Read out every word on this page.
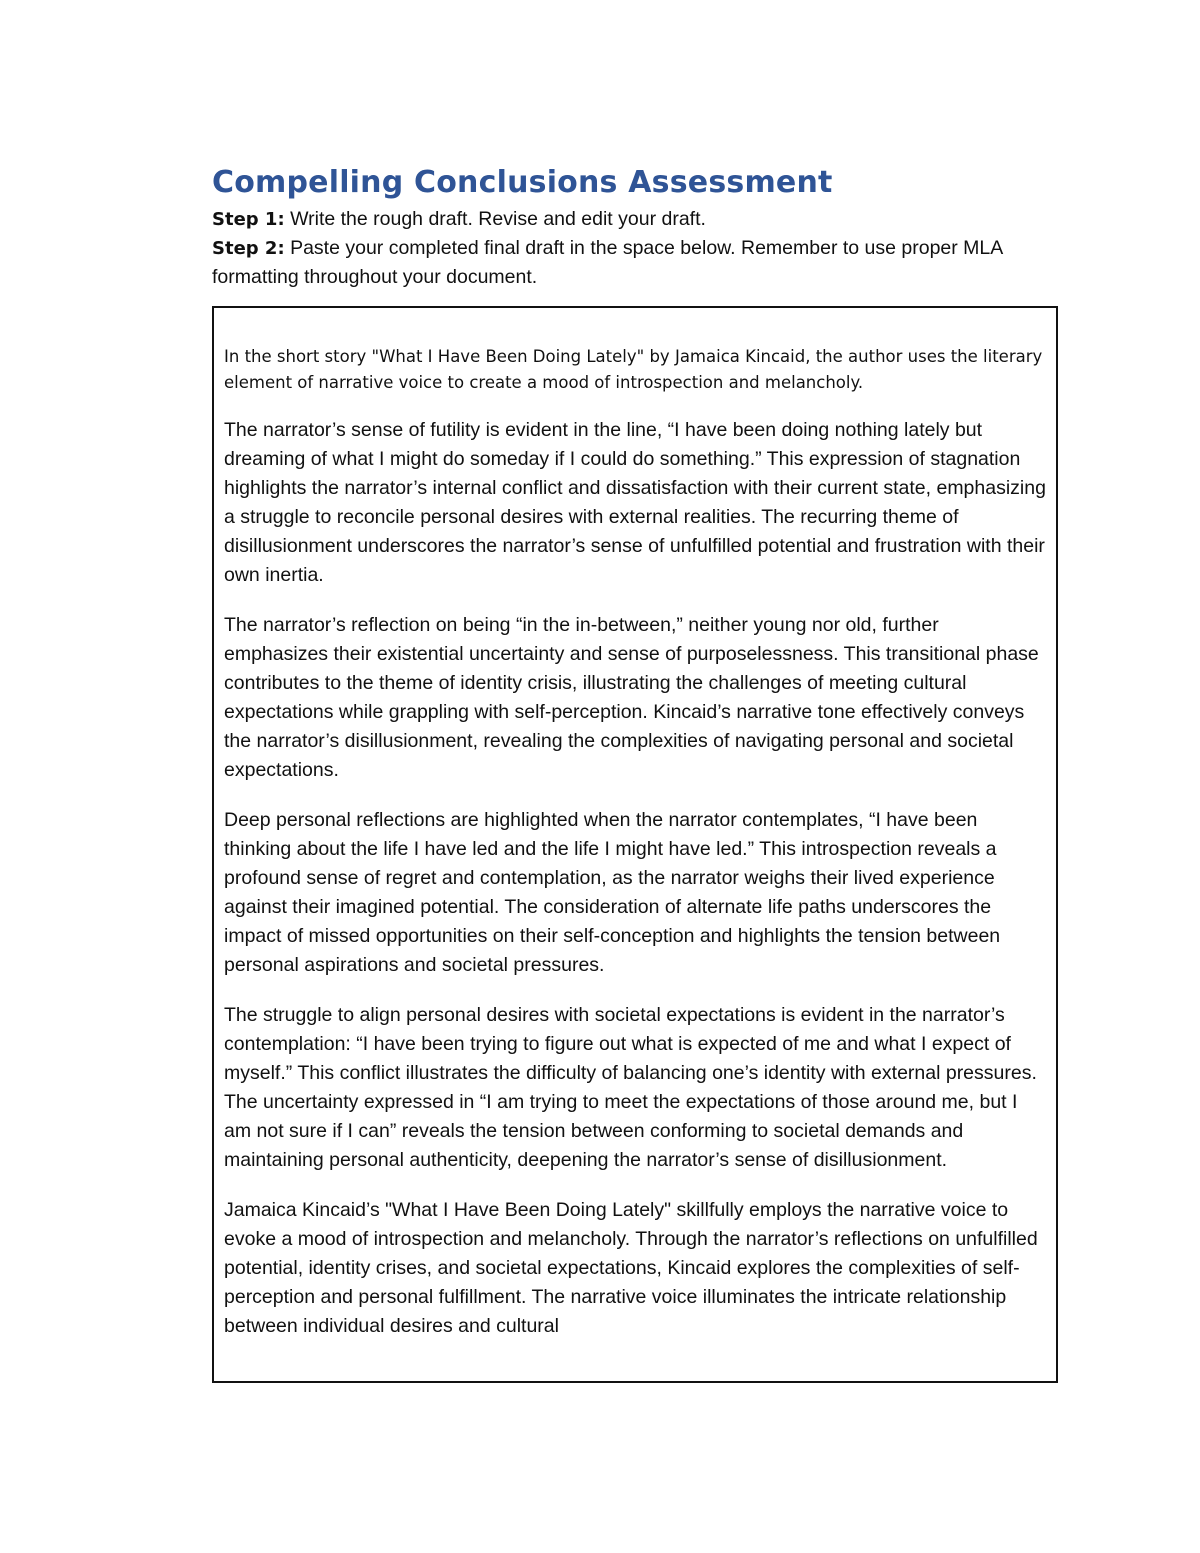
Compelling Conclusions Assessment

Step 1: Write the rough draft. Revise and edit your draft.

Step 2: Paste your completed final draft in the space below. Remember to use proper MLA formatting throughout your document.

In the short story "What I Have Been Doing Lately" by Jamaica Kincaid, the author uses the literary element of narrative voice to create a mood of introspection and melancholy.

The narrator’s sense of futility is evident in the line, “I have been doing nothing lately but dreaming of what I might do someday if I could do something.” This expression of stagnation highlights the narrator’s internal conflict and dissatisfaction with their current state, emphasizing a struggle to reconcile personal desires with external realities. The recurring theme of disillusionment underscores the narrator’s sense of unfulfilled potential and frustration with their own inertia.

The narrator’s reflection on being “in the in-between,” neither young nor old, further emphasizes their existential uncertainty and sense of purposelessness. This transitional phase contributes to the theme of identity crisis, illustrating the challenges of meeting cultural expectations while grappling with self-perception. Kincaid’s narrative tone effectively conveys the narrator’s disillusionment, revealing the complexities of navigating personal and societal expectations.

Deep personal reflections are highlighted when the narrator contemplates, “I have been thinking about the life I have led and the life I might have led.” This introspection reveals a profound sense of regret and contemplation, as the narrator weighs their lived experience against their imagined potential. The consideration of alternate life paths underscores the impact of missed opportunities on their self-conception and highlights the tension between personal aspirations and societal pressures.

The struggle to align personal desires with societal expectations is evident in the narrator’s contemplation: “I have been trying to figure out what is expected of me and what I expect of myself.” This conflict illustrates the difficulty of balancing one’s identity with external pressures. The uncertainty expressed in “I am trying to meet the expectations of those around me, but I am not sure if I can” reveals the tension between conforming to societal demands and maintaining personal authenticity, deepening the narrator’s sense of disillusionment.

Jamaica Kincaid’s "What I Have Been Doing Lately" skillfully employs the narrative voice to evoke a mood of introspection and melancholy. Through the narrator’s reflections on unfulfilled potential, identity crises, and societal expectations, Kincaid explores the complexities of self-perception and personal fulfillment. The narrative voice illuminates the intricate relationship between individual desires and cultural
